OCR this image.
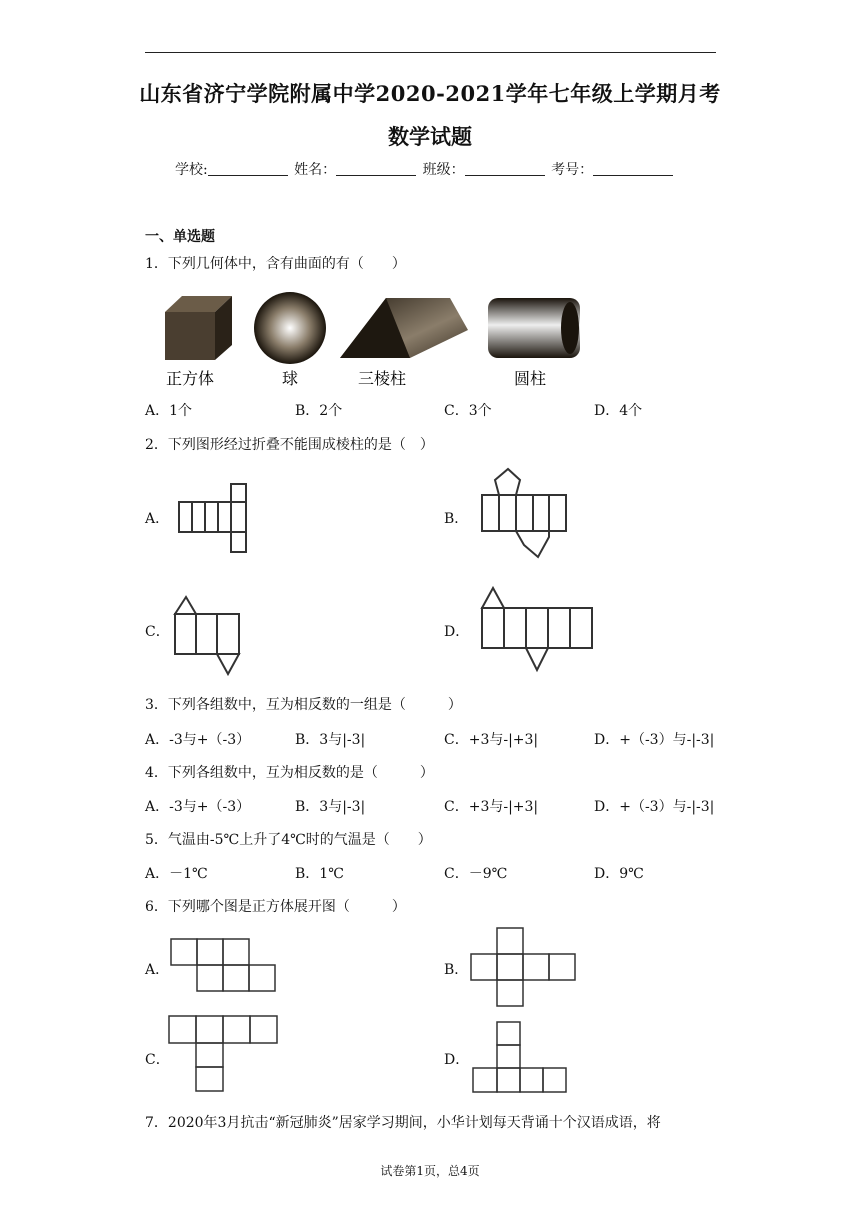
山东省济宁学院附属中学2020-2021学年七年级上学期月考
数学试题
学校:	姓名：	班级：	考号：
一、单选题
1．下列几何体中，含有曲面的有（　　）
正方体	球	三棱柱	圆柱
A．1个	B．2个	C．3个	D．4个
2．下列图形经过折叠不能围成棱柱的是（　）
A．	B．
C．	D．
3．下列各组数中，互为相反数的一组是（　　　）
A．-3与+（-3）	B．3与|-3|	C．+3与-|+3|	D．+（-3）与-|-3|
4．下列各组数中，互为相反数的是（　　　）
A．-3与+（-3）	B．3与|-3|	C．+3与-|+3|	D．+（-3）与-|-3|
5．气温由-5℃上升了4℃时的气温是（　　）
A．－1℃	B．1℃	C．－9℃	D．9℃
6．下列哪个图是正方体展开图（　　　）
A．	B．
C．	D．
7．2020年3月抗击“新冠肺炎”居家学习期间，小华计划每天背诵十个汉语成语，将
试卷第1页，总4页
